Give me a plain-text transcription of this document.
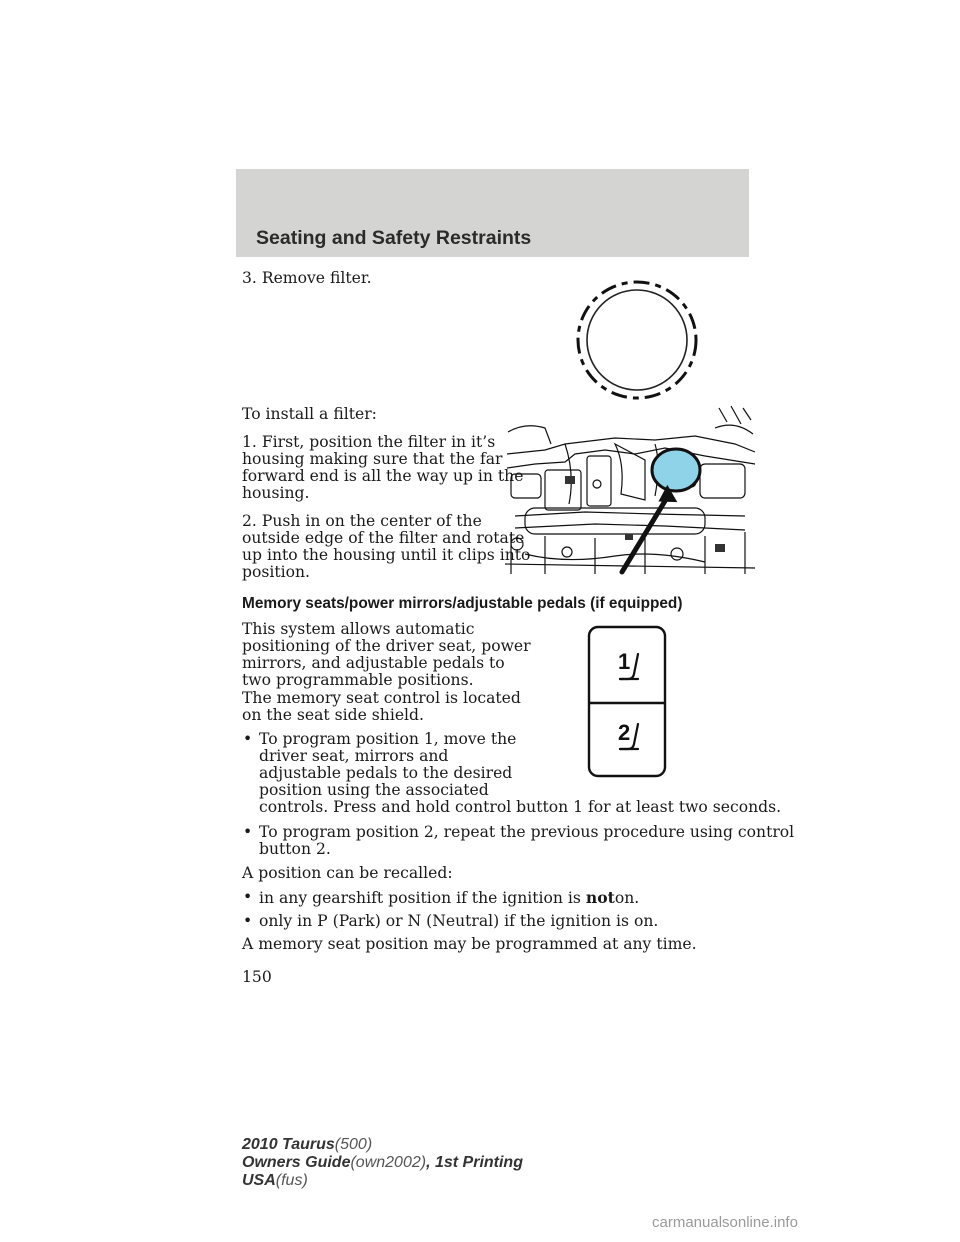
Seating and Safety Restraints

3. Remove filter.

To install a filter:

1. First, position the filter in it’s

housing making sure that the far

forward end is all the way up in the

housing.

2. Push in on the center of the

outside edge of the filter and rotate

up into the housing until it clips into

position.

Memory seats/power mirrors/adjustable pedals (if equipped)

This system allows automatic

positioning of the driver seat, power

mirrors, and adjustable pedals to

two programmable positions.

The memory seat control is located

on the seat side shield.

• To program position 1, move the

driver seat, mirrors and

adjustable pedals to the desired

position using the associated

controls. Press and hold control button 1 for at least two seconds.

• To program position 2, repeat the previous procedure using control

button 2.

1
2

A position can be recalled:

• in any gearshift position if the ignition is noton.

• only in P (Park) or N (Neutral) if the ignition is on.

A memory seat position may be programmed at any time.

150
2010 Taurus(500)
Owners Guide(own2002), 1st Printing
USA(fus)
carmanualsonline.info
